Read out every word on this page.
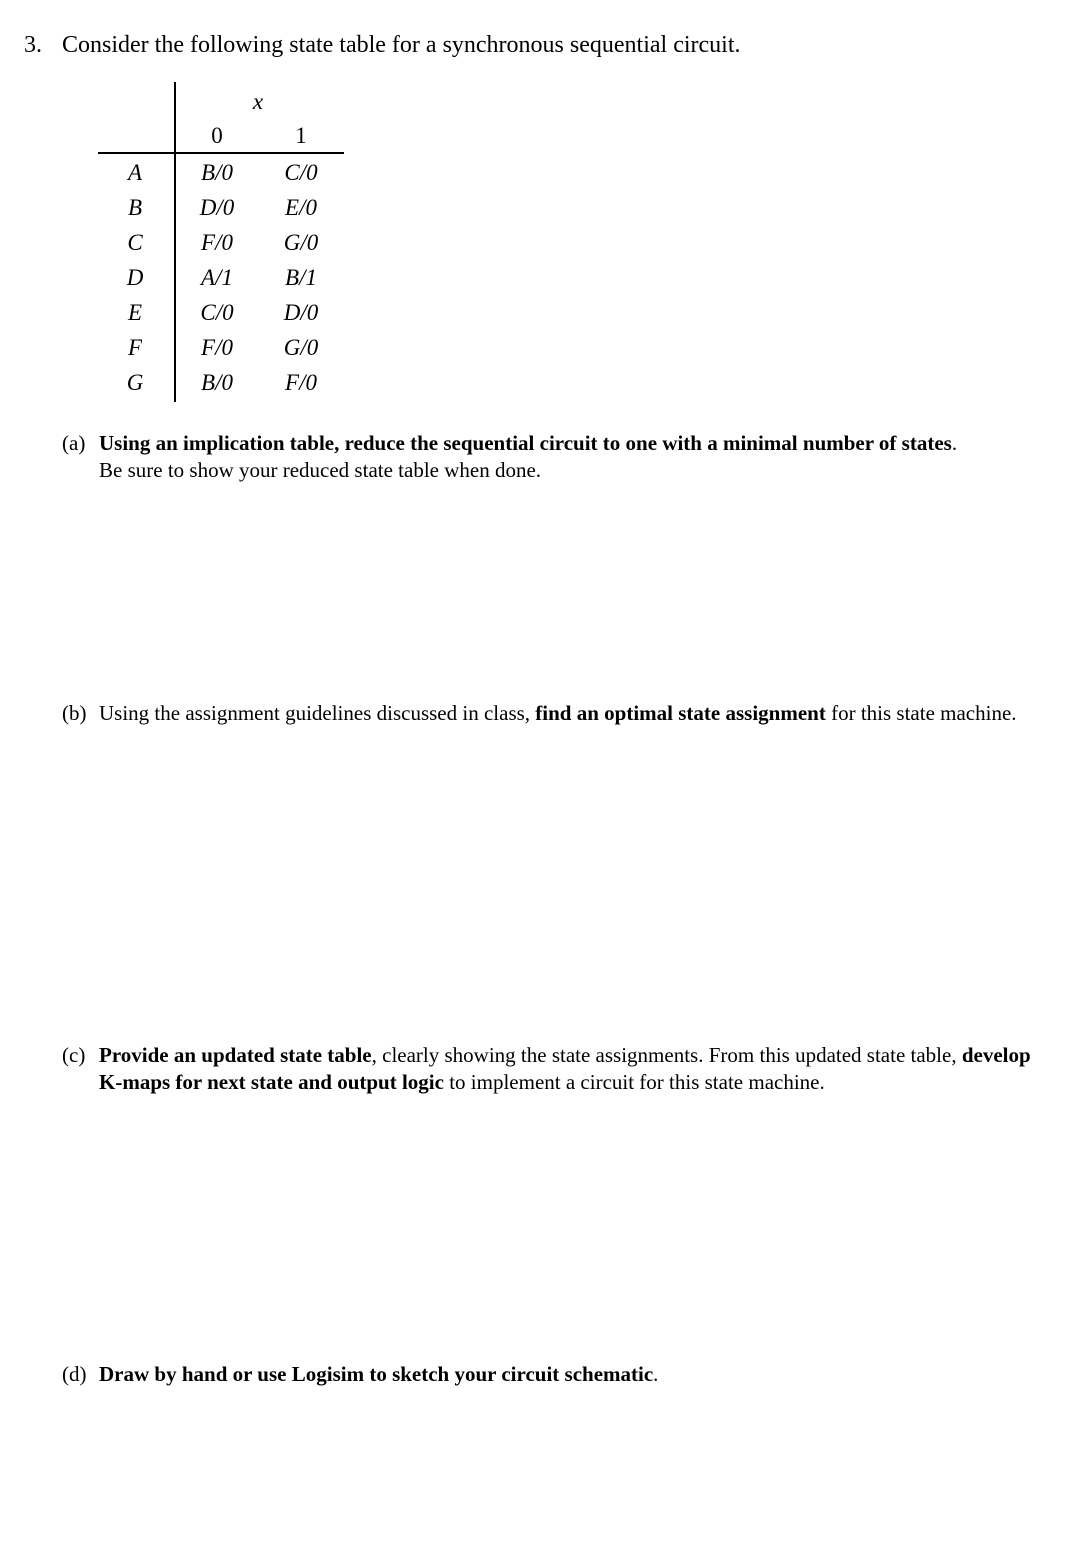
3. Consider the following state table for a synchronous sequential circuit.
x
0	1
A	B/0 C/0
B	D/0	E/0
C	F/0 G/0
D	A/1	B/1
E	C/0 D/0
F	F/0 G/0
G	B/0	F/0
(a) Using an implication table, reduce the sequential circuit to one with a minimal number of states.
Be sure to show your reduced state table when done.
(b) Using the assignment guidelines discussed in class, find an optimal state assignment for this state machine.
(c) Provide an updated state table, clearly showing the state assignments. From this updated state table, develop K-maps for next state and output logic to implement a circuit for this state machine.
(d) Draw by hand or use Logisim to sketch your circuit schematic.
